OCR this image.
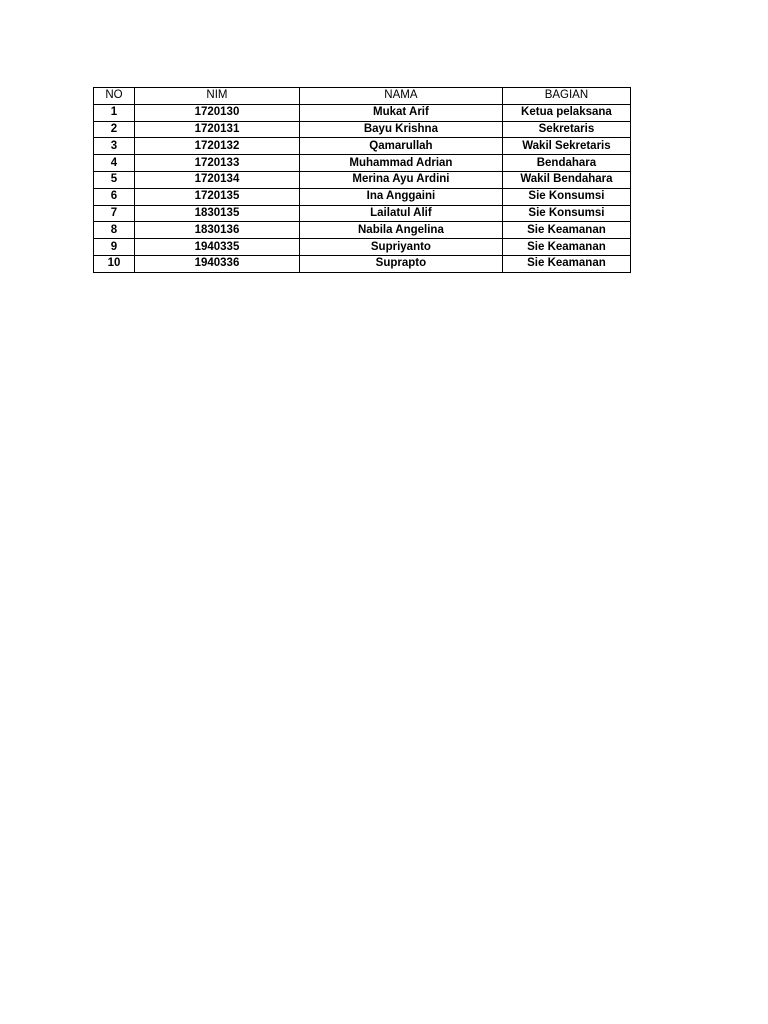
NO	NIM	NAMA	BAGIAN
1	1720130	Mukat Arif	Ketua pelaksana
2	1720131	Bayu Krishna	Sekretaris
3	1720132	Qamarullah	Wakil Sekretaris
4	1720133	Muhammad Adrian	Bendahara
5	1720134	Merina Ayu Ardini	Wakil Bendahara
6	1720135	Ina Anggaini	Sie Konsumsi
7	1830135	Lailatul Alif	Sie Konsumsi
8	1830136	Nabila Angelina	Sie Keamanan
9	1940335	Supriyanto	Sie Keamanan
10	1940336	Suprapto	Sie Keamanan
